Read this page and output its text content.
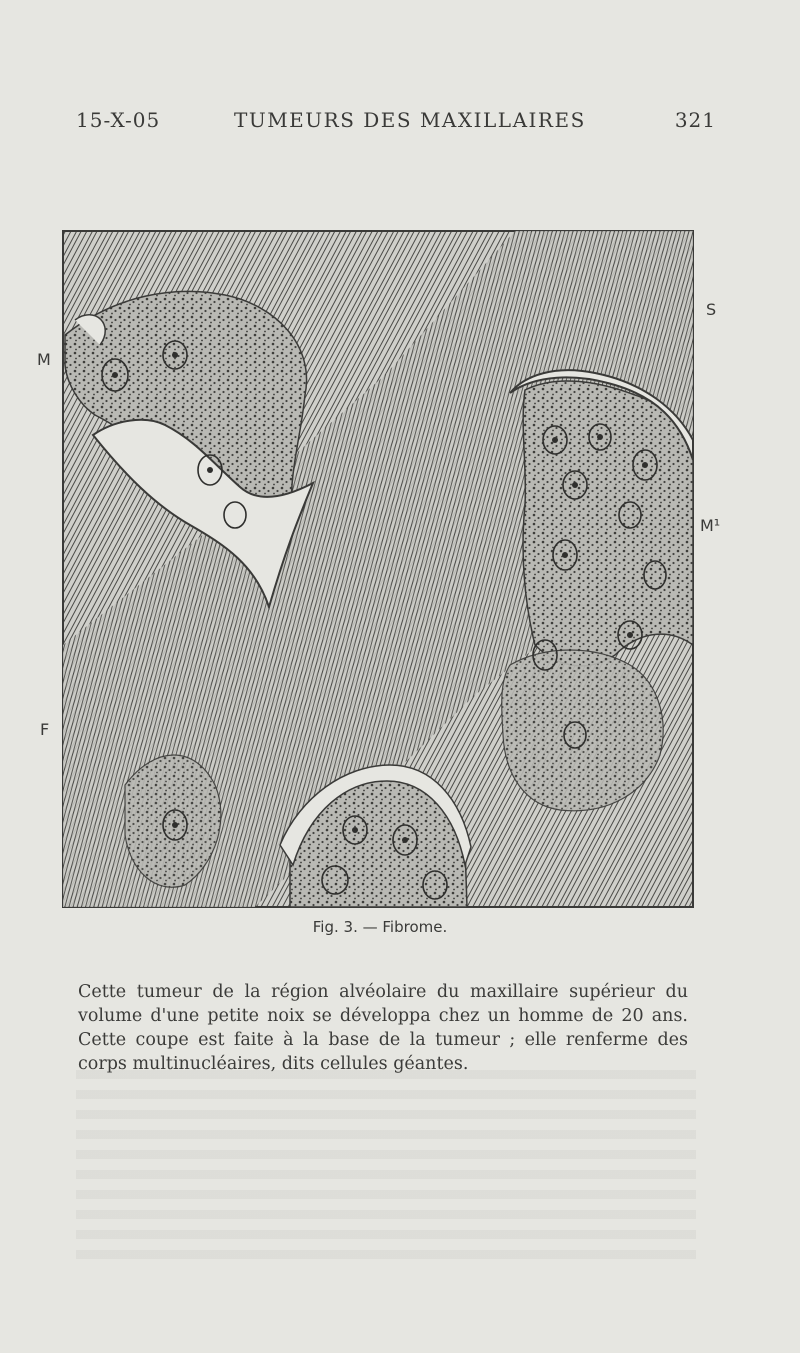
15-X-05	TUMEURS DES MAXILLAIRES	321
S
M
M¹
F
Fig. 3. — Fibrome.

Cette tumeur de la région alvéolaire du maxillaire supérieur du volume d'une petite noix se développa chez un homme de 20 ans. Cette coupe est faite à la base de la tumeur ; elle renferme des corps multinucléaires, dits cellules géantes.
